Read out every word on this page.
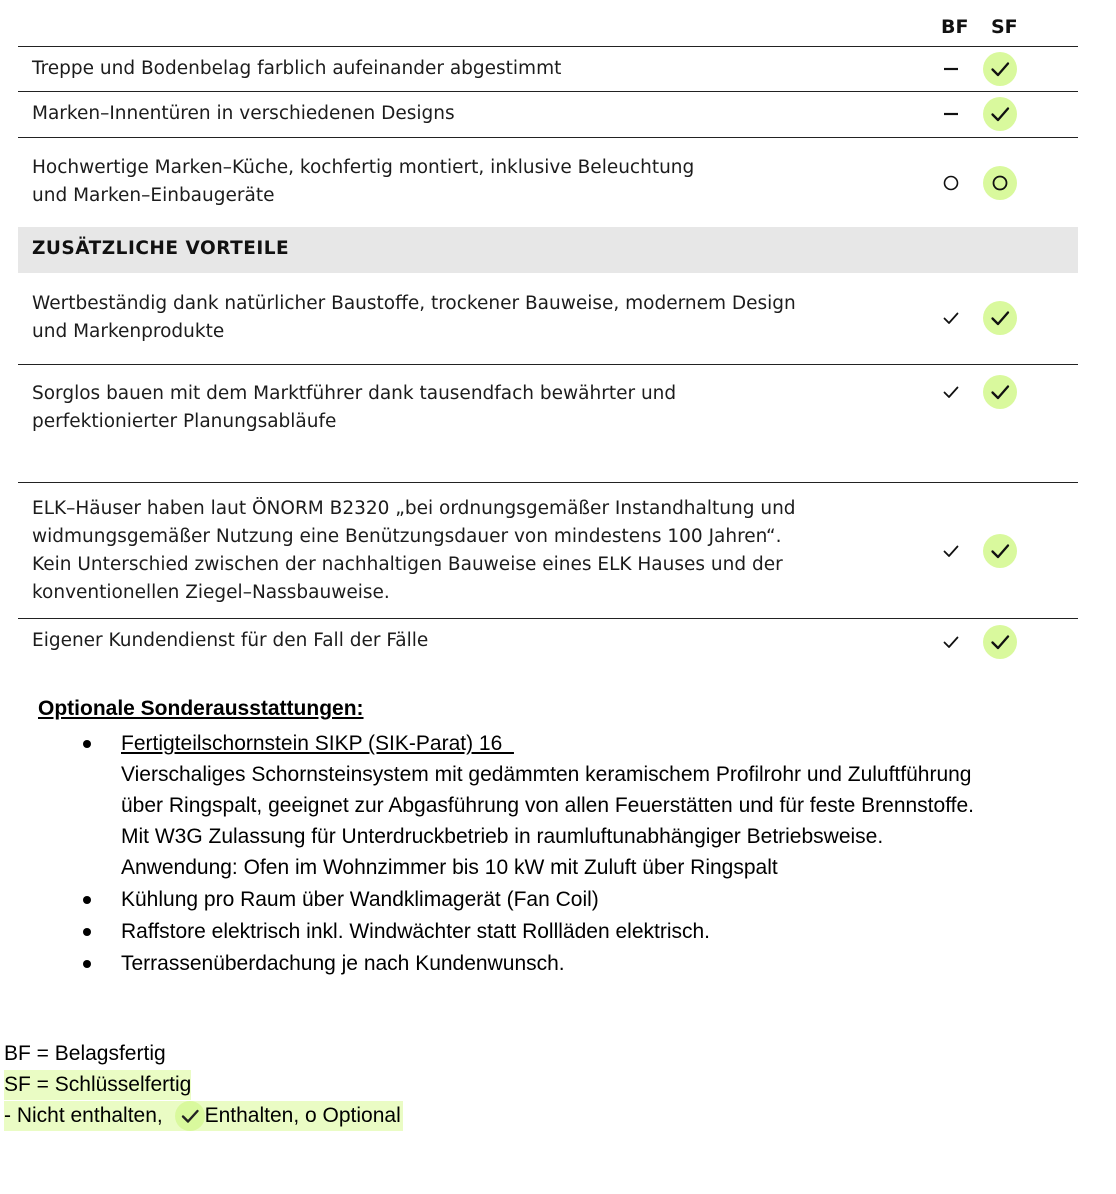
BF SF
Treppe und Bodenbelag farblich aufeinander abgestimmt
Marken–Innentüren in verschiedenen Designs
Hochwertige Marken–Küche, kochfertig montiert, inklusive Beleuchtung
und Marken–Einbaugeräte
ZUSÄTZLICHE VORTEILE
Wertbeständig dank natürlicher Baustoffe, trockener Bauweise, modernem Design
und Markenprodukte
Sorglos bauen mit dem Marktführer dank tausendfach bewährter und
perfektionierter Planungsabläufe
ELK–Häuser haben laut ÖNORM B2320 „bei ordnungsgemäßer Instandhaltung und
widmungsgemäßer Nutzung eine Benützungsdauer von mindestens 100 Jahren“.
Kein Unterschied zwischen der nachhaltigen Bauweise eines ELK Hauses und der
konventionellen Ziegel–Nassbauweise.
Eigener Kundendienst für den Fall der Fälle
Optionale Sonderausstattungen:
Fertigteilschornstein SIKP (SIK-Parat) 16
Vierschaliges Schornsteinsystem mit gedämmten keramischem Profilrohr und Zuluftführung
über Ringspalt, geeignet zur Abgasführung von allen Feuerstätten und für feste Brennstoffe.
Mit W3G Zulassung für Unterdruckbetrieb in raumluftunabhängiger Betriebsweise.
Anwendung: Ofen im Wohnzimmer bis 10 kW mit Zuluft über Ringspalt
Kühlung pro Raum über Wandklimagerät (Fan Coil)
Raffstore elektrisch inkl. Windwächter statt Rollläden elektrisch.
Terrassenüberdachung je nach Kundenwunsch.
BF = Belagsfertig
SF = Schlüsselfertig
- Nicht enthalten, Enthalten, o Optional
